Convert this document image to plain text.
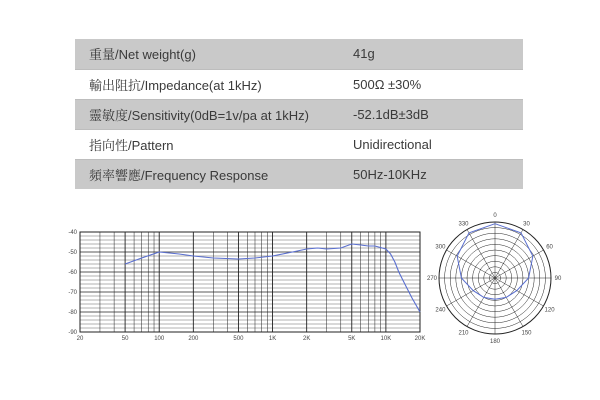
重量/Net weight(g)	41g
輸出阻抗/Impedance(at 1kHz)	500Ω ±30%
靈敏度/Sensitivity(0dB=1v/pa at 1kHz)	-52.1dB±3dB
指向性/Pattern	Unidirectional
頻率響應/Frequency Response	50Hz-10KHz
-40
-50
-60
-70
-80
-90
20	50	100	200	500	1K	2K	5K	10K	20K
0
30
60
90
120
150
180
210
240
270
300
330
